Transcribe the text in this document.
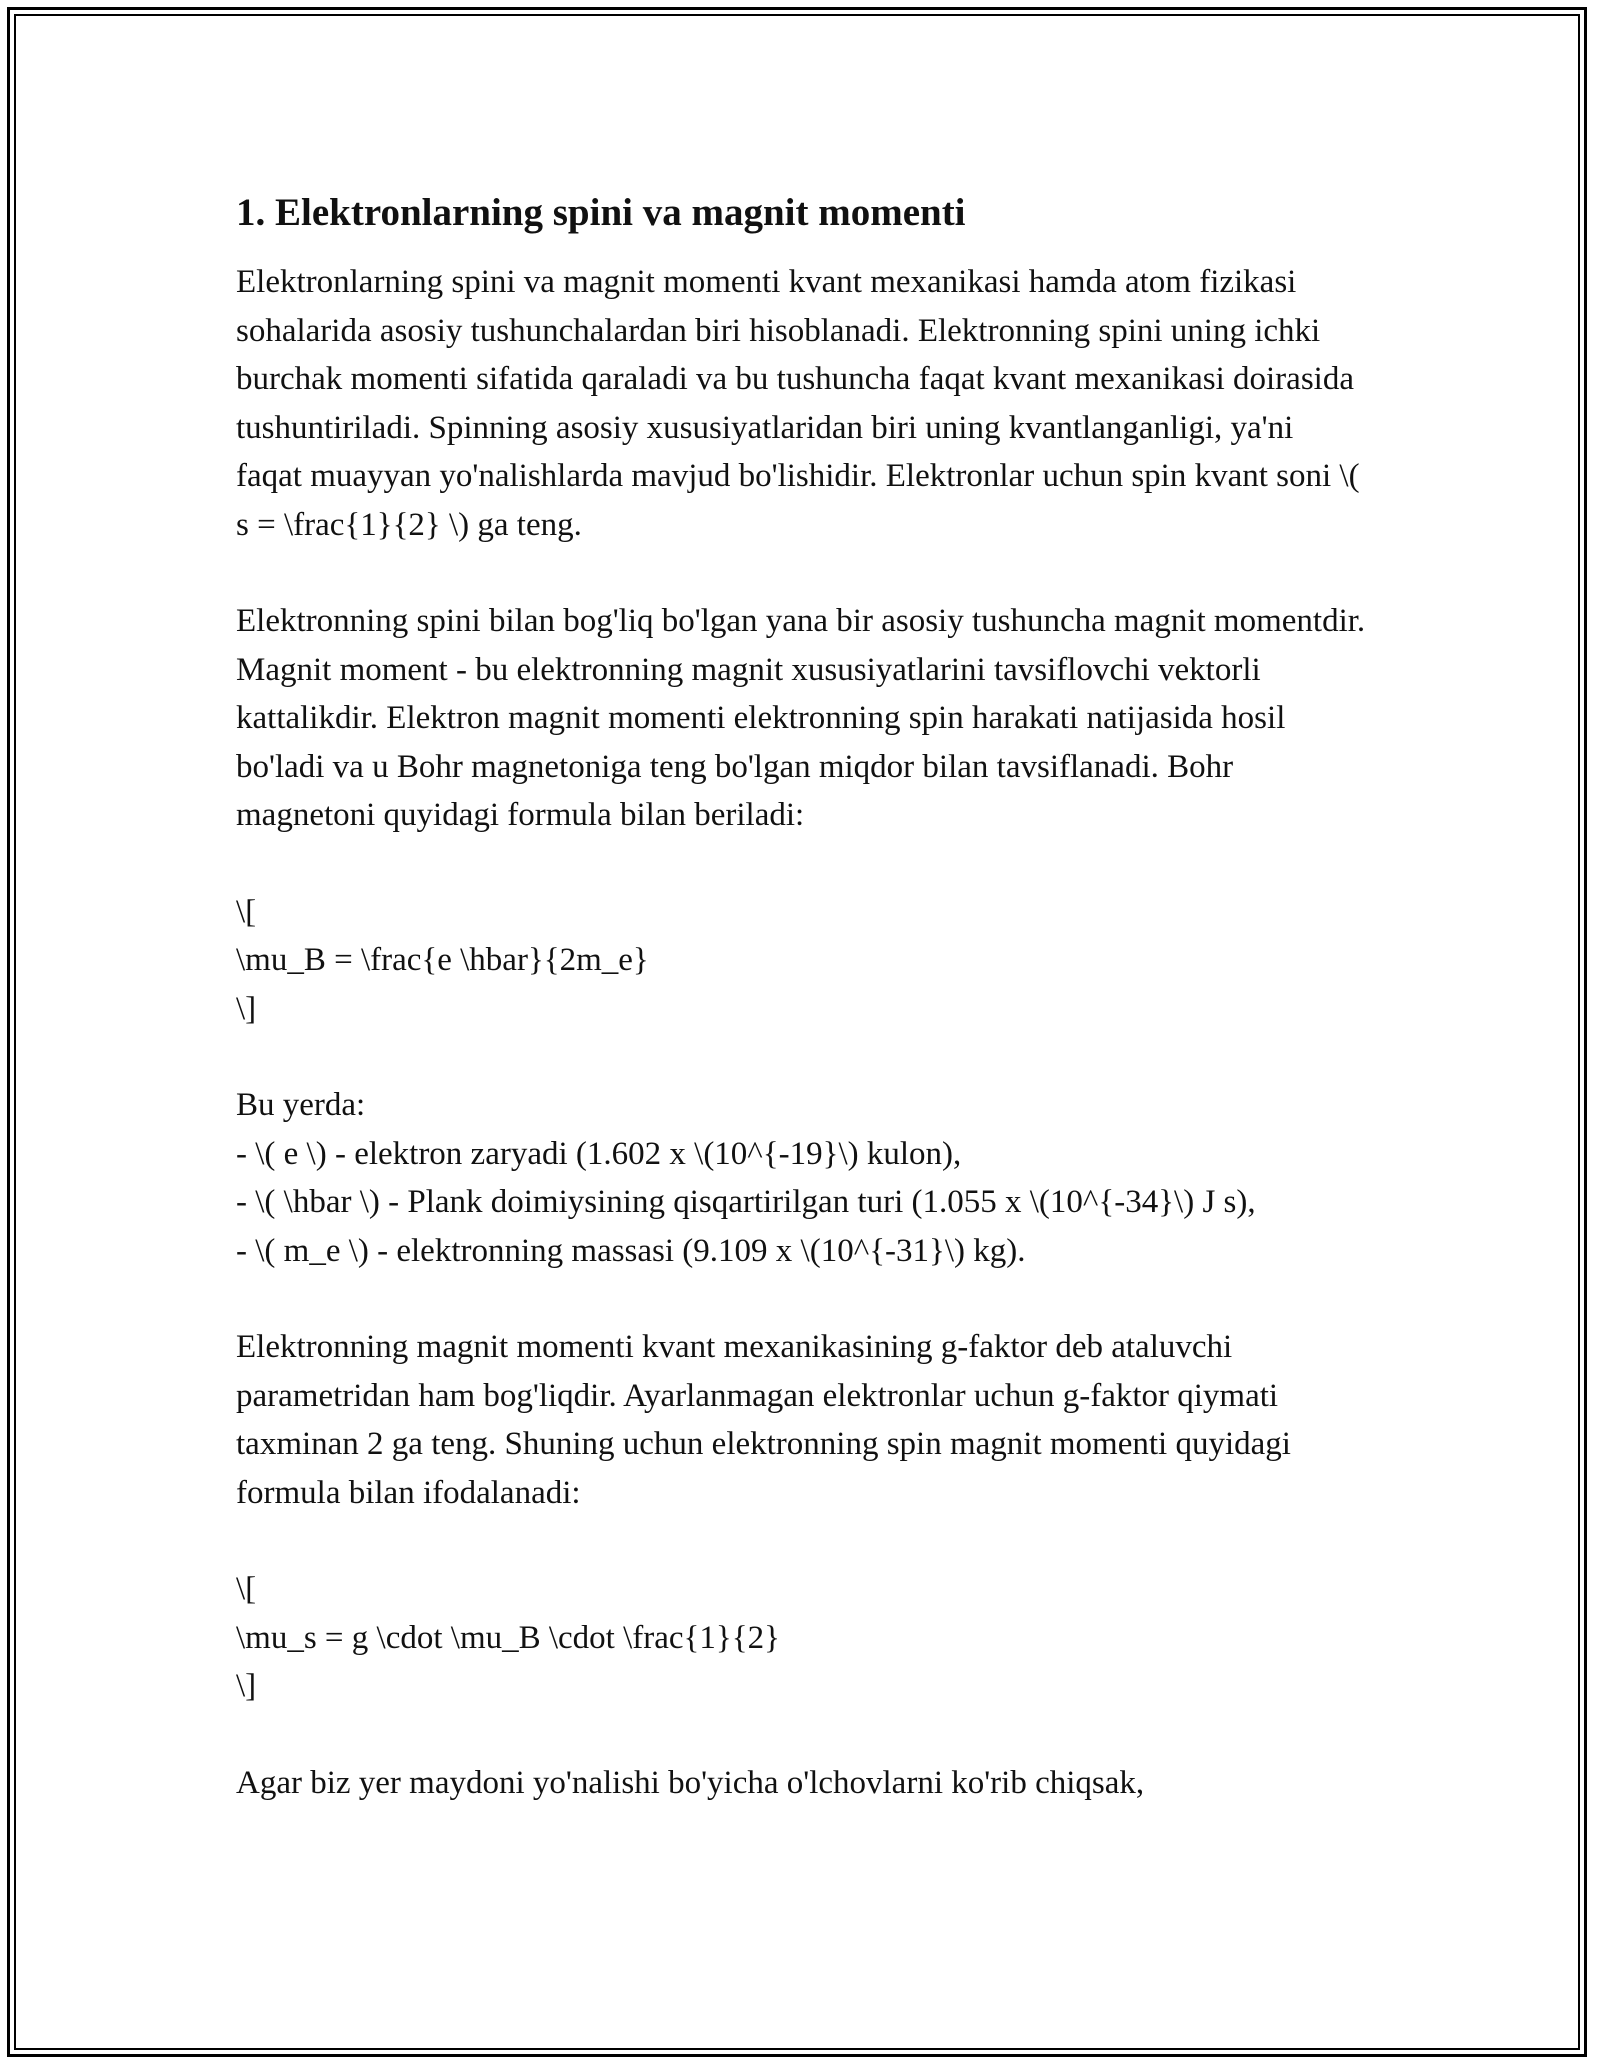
1. Elektronlarning spini va magnit momenti

Elektronlarning spini va magnit momenti kvant mexanikasi hamda atom fizikasi sohalarida asosiy tushunchalardan biri hisoblanadi. Elektronning spini uning ichki burchak momenti sifatida qaraladi va bu tushuncha faqat kvant mexanikasi doirasida tushuntiriladi. Spinning asosiy xususiyatlaridan biri uning kvantlanganligi, ya'ni faqat muayyan yo'nalishlarda mavjud bo'lishidir. Elektronlar uchun spin kvant soni \( s = \frac{1}{2} \) ga teng.

Elektronning spini bilan bog'liq bo'lgan yana bir asosiy tushuncha magnit momentdir. Magnit moment - bu elektronning magnit xususiyatlarini tavsiflovchi vektorli kattalikdir. Elektron magnit momenti elektronning spin harakati natijasida hosil bo'ladi va u Bohr magnetoniga teng bo'lgan miqdor bilan tavsiflanadi. Bohr magnetoni quyidagi formula bilan beriladi:

\[
\mu_B = \frac{e \hbar}{2m_e}
\]
Bu yerda:
- \( e \) - elektron zaryadi (1.602 x \(10^{-19}\) kulon),
- \( \hbar \) - Plank doimiysining qisqartirilgan turi (1.055 x \(10^{-34}\) J s),
- \( m_e \) - elektronning massasi (9.109 x \(10^{-31}\) kg).

Elektronning magnit momenti kvant mexanikasining g-faktor deb ataluvchi parametridan ham bog'liqdir. Ayarlanmagan elektronlar uchun g-faktor qiymati taxminan 2 ga teng. Shuning uchun elektronning spin magnit momenti quyidagi formula bilan ifodalanadi:

\[
\mu_s = g \cdot \mu_B \cdot \frac{1}{2}
\]

Agar biz yer maydoni yo'nalishi bo'yicha o'lchovlarni ko'rib chiqsak,
